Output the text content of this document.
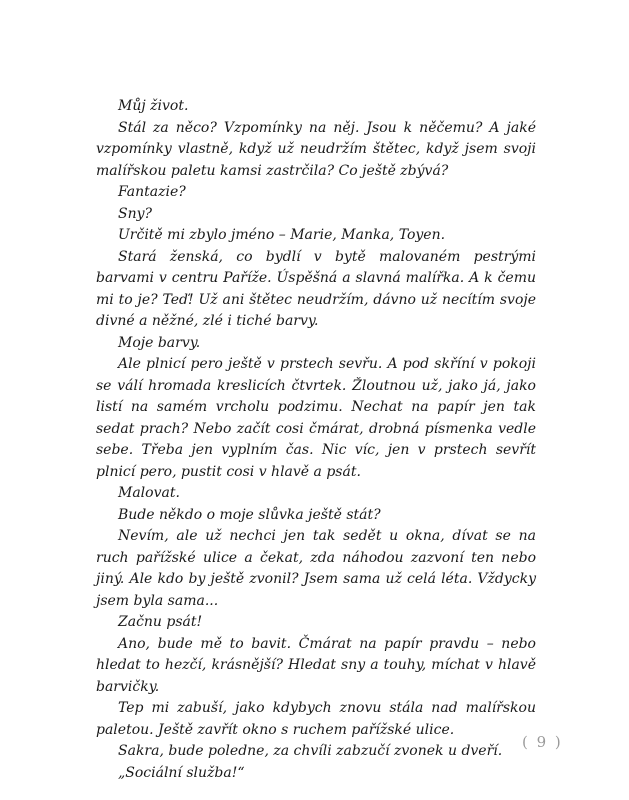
Můj život.

Stál za něco? Vzpomínky na něj. Jsou k něčemu? A jaké vzpomínky vlastně, když už neudržím štětec, když jsem svoji malířskou paletu kamsi zastrčila? Co ještě zbývá?

Fantazie?

Sny?

Určitě mi zbylo jméno – Marie, Manka, Toyen.

Stará ženská, co bydlí v bytě malovaném pestrými barvami v centru Paříže. Úspěšná a slavná malířka. A k čemu mi to je? Teď! Už ani štětec neudržím, dávno už necítím svoje divné a něžné, zlé i tiché barvy.

Moje barvy.

Ale plnicí pero ještě v prstech sevřu. A pod skříní v pokoji se válí hromada kreslicích čtvrtek. Žloutnou už, jako já, jako listí na samém vrcholu podzimu. Nechat na papír jen tak sedat prach? Nebo začít cosi čmárat, drobná písmenka vedle sebe. Třeba jen vyplním čas. Nic víc, jen v prstech sevřít plnicí pero, pustit cosi v hlavě a psát.

Malovat.

Bude někdo o moje slůvka ještě stát?

Nevím, ale už nechci jen tak sedět u okna, dívat se na ruch pařížské ulice a čekat, zda náhodou zazvoní ten nebo jiný. Ale kdo by ještě zvonil? Jsem sama už celá léta. Vždycky jsem byla sama...

Začnu psát!

Ano, bude mě to bavit. Čmárat na papír pravdu – nebo hledat to hezčí, krásnější? Hledat sny a touhy, míchat v hlavě barvičky.

Tep mi zabuší, jako kdybych znovu stála nad malířskou paletou. Ještě zavřít okno s ruchem pařížské ulice.

Sakra, bude poledne, za chvíli zabzučí zvonek u dveří.

„Sociální služba!“

( 9 )
